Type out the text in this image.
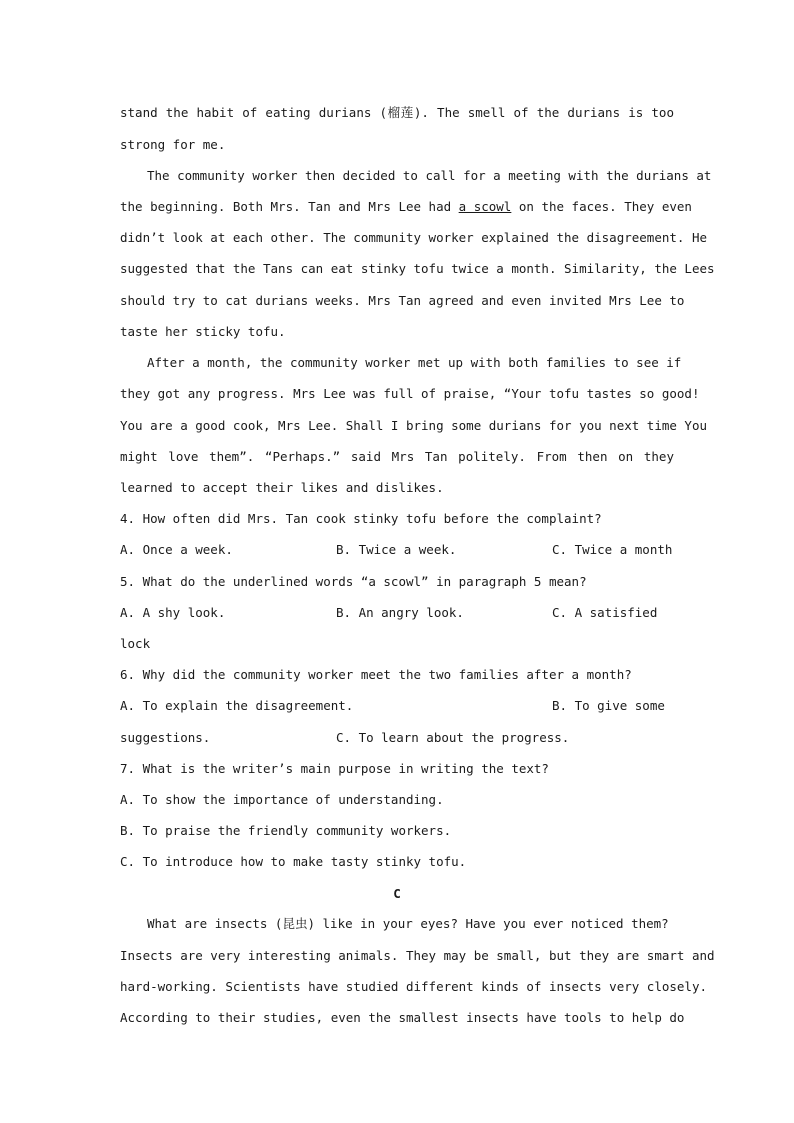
stand the habit of eating durians (榴莲). The smell of the durians is too
strong for me.
The community worker then decided to call for a meeting with the durians at
the beginning. Both Mrs. Tan and Mrs Lee had a scowl on the faces. They even
didn’t look at each other. The community worker explained the disagreement. He
suggested that the Tans can eat stinky tofu twice a month. Similarity, the Lees
should try to cat durians weeks. Mrs Tan agreed and even invited Mrs Lee to
taste her sticky tofu.
After a month, the community worker met up with both families to see if
they got any progress. Mrs Lee was full of praise, “Your tofu tastes so good!
You are a good cook, Mrs Lee. Shall I bring some durians for you next time You
might love them”. “Perhaps.” said Mrs Tan politely. From then on they
learned to accept their likes and dislikes.
4. How often did Mrs. Tan cook stinky tofu before the complaint?
A. Once a week.	B. Twice a week.	C. Twice a month
5. What do the underlined words “a scowl” in paragraph 5 mean?
A. A shy look.	B. An angry look.	C. A satisfied
lock
6. Why did the community worker meet the two families after a month?
A. To explain the disagreement.	B. To give some
suggestions.	C. To learn about the progress.
7. What is the writer’s main purpose in writing the text?
A. To show the importance of understanding.
B. To praise the friendly community workers.
C. To introduce how to make tasty stinky tofu.
C
What are insects (昆虫) like in your eyes? Have you ever noticed them?
Insects are very interesting animals. They may be small, but they are smart and
hard-working. Scientists have studied different kinds of insects very closely.
According to their studies, even the smallest insects have tools to help do
